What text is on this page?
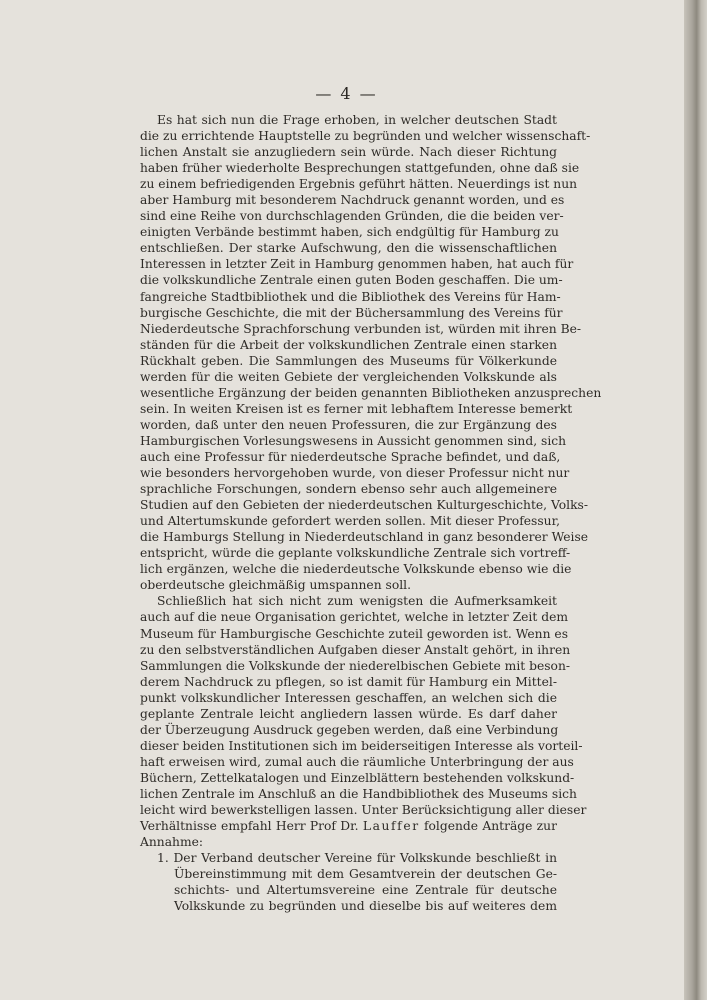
— 4 —
Es hat sich nun die Frage erhoben, in welcher deutschen Stadt
die zu errichtende Hauptstelle zu begründen und welcher wissenschaft-
lichen Anstalt sie anzugliedern sein würde. Nach dieser Richtung
haben früher wiederholte Besprechungen stattgefunden, ohne daß sie
zu einem befriedigenden Ergebnis geführt hätten. Neuerdings ist nun
aber Hamburg mit besonderem Nachdruck genannt worden, und es
sind eine Reihe von durchschlagenden Gründen, die die beiden ver-
einigten Verbände bestimmt haben, sich endgültig für Hamburg zu
entschließen. Der starke Aufschwung, den die wissenschaftlichen
Interessen in letzter Zeit in Hamburg genommen haben, hat auch für
die volkskundliche Zentrale einen guten Boden geschaffen. Die um-
fangreiche Stadtbibliothek und die Bibliothek des Vereins für Ham-
burgische Geschichte, die mit der Büchersammlung des Vereins für
Niederdeutsche Sprachforschung verbunden ist, würden mit ihren Be-
ständen für die Arbeit der volkskundlichen Zentrale einen starken
Rückhalt geben. Die Sammlungen des Museums für Völkerkunde
werden für die weiten Gebiete der vergleichenden Volkskunde als
wesentliche Ergänzung der beiden genannten Bibliotheken anzusprechen
sein. In weiten Kreisen ist es ferner mit lebhaftem Interesse bemerkt
worden, daß unter den neuen Professuren, die zur Ergänzung des
Hamburgischen Vorlesungswesens in Aussicht genommen sind, sich
auch eine Professur für niederdeutsche Sprache befindet, und daß,
wie besonders hervorgehoben wurde, von dieser Professur nicht nur
sprachliche Forschungen, sondern ebenso sehr auch allgemeinere
Studien auf den Gebieten der niederdeutschen Kulturgeschichte, Volks-
und Altertumskunde gefordert werden sollen. Mit dieser Professur,
die Hamburgs Stellung in Niederdeutschland in ganz besonderer Weise
entspricht, würde die geplante volkskundliche Zentrale sich vortreff-
lich ergänzen, welche die niederdeutsche Volkskunde ebenso wie die
oberdeutsche gleichmäßig umspannen soll.
Schließlich hat sich nicht zum wenigsten die Aufmerksamkeit
auch auf die neue Organisation gerichtet, welche in letzter Zeit dem
Museum für Hamburgische Geschichte zuteil geworden ist. Wenn es
zu den selbstverständlichen Aufgaben dieser Anstalt gehört, in ihren
Sammlungen die Volkskunde der niederelbischen Gebiete mit beson-
derem Nachdruck zu pflegen, so ist damit für Hamburg ein Mittel-
punkt volkskundlicher Interessen geschaffen, an welchen sich die
geplante Zentrale leicht angliedern lassen würde. Es darf daher
der Überzeugung Ausdruck gegeben werden, daß eine Verbindung
dieser beiden Institutionen sich im beiderseitigen Interesse als vorteil-
haft erweisen wird, zumal auch die räumliche Unterbringung der aus
Büchern, Zettelkatalogen und Einzelblättern bestehenden volkskund-
lichen Zentrale im Anschluß an die Handbibliothek des Museums sich
leicht wird bewerkstelligen lassen. Unter Berücksichtigung aller dieser
Verhältnisse empfahl Herr Prof Dr. Lauffer folgende Anträge zur
Annahme:
1. Der Verband deutscher Vereine für Volkskunde beschließt in
Übereinstimmung mit dem Gesamtverein der deutschen Ge-
schichts- und Altertumsvereine eine Zentrale für deutsche
Volkskunde zu begründen und dieselbe bis auf weiteres dem
